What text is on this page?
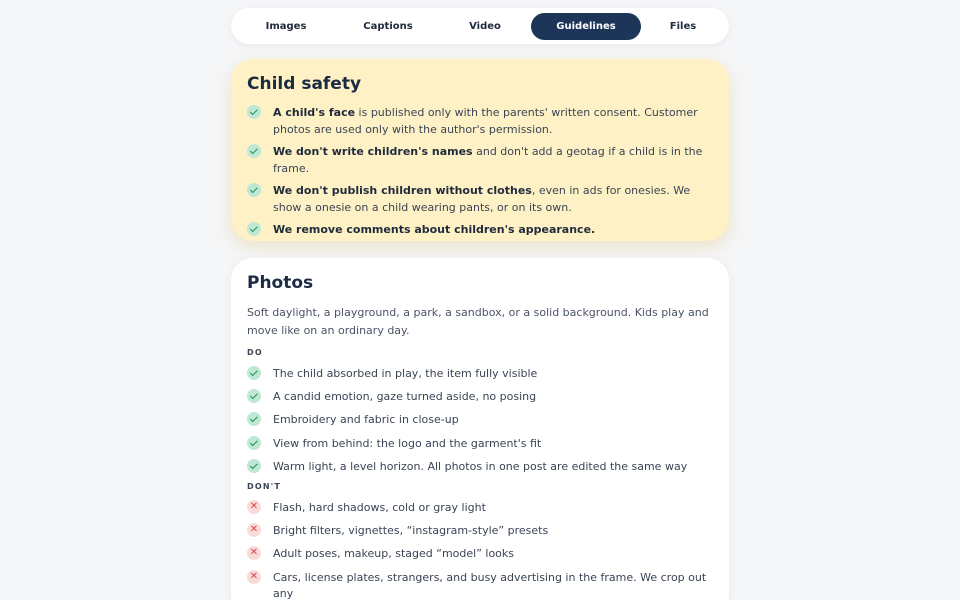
Images	Captions	Video	Guidelines	Files
Child safety
A child's face is published only with the parents' written consent. Customer photos are used only with the author's permission.
We don't write children's names and don't add a geotag if a child is in the frame.
We don't publish children without clothes, even in ads for onesies. We show a onesie on a child wearing pants, or on its own.
We remove comments about children's appearance.
Photos

Soft daylight, a playground, a park, a sandbox, or a solid background. Kids play and move like on an ordinary day.

DO
The child absorbed in play, the item fully visible
A candid emotion, gaze turned aside, no posing
Embroidery and fabric in close-up
View from behind: the logo and the garment's fit
Warm light, a level horizon. All photos in one post are edited the same way
DON'T
✕ Flash, hard shadows, cold or gray light
✕ Bright filters, vignettes, “instagram-style” presets
✕ Adult poses, makeup, staged “model” looks
✕ Cars, license plates, strangers, and busy advertising in the frame. We crop out any
